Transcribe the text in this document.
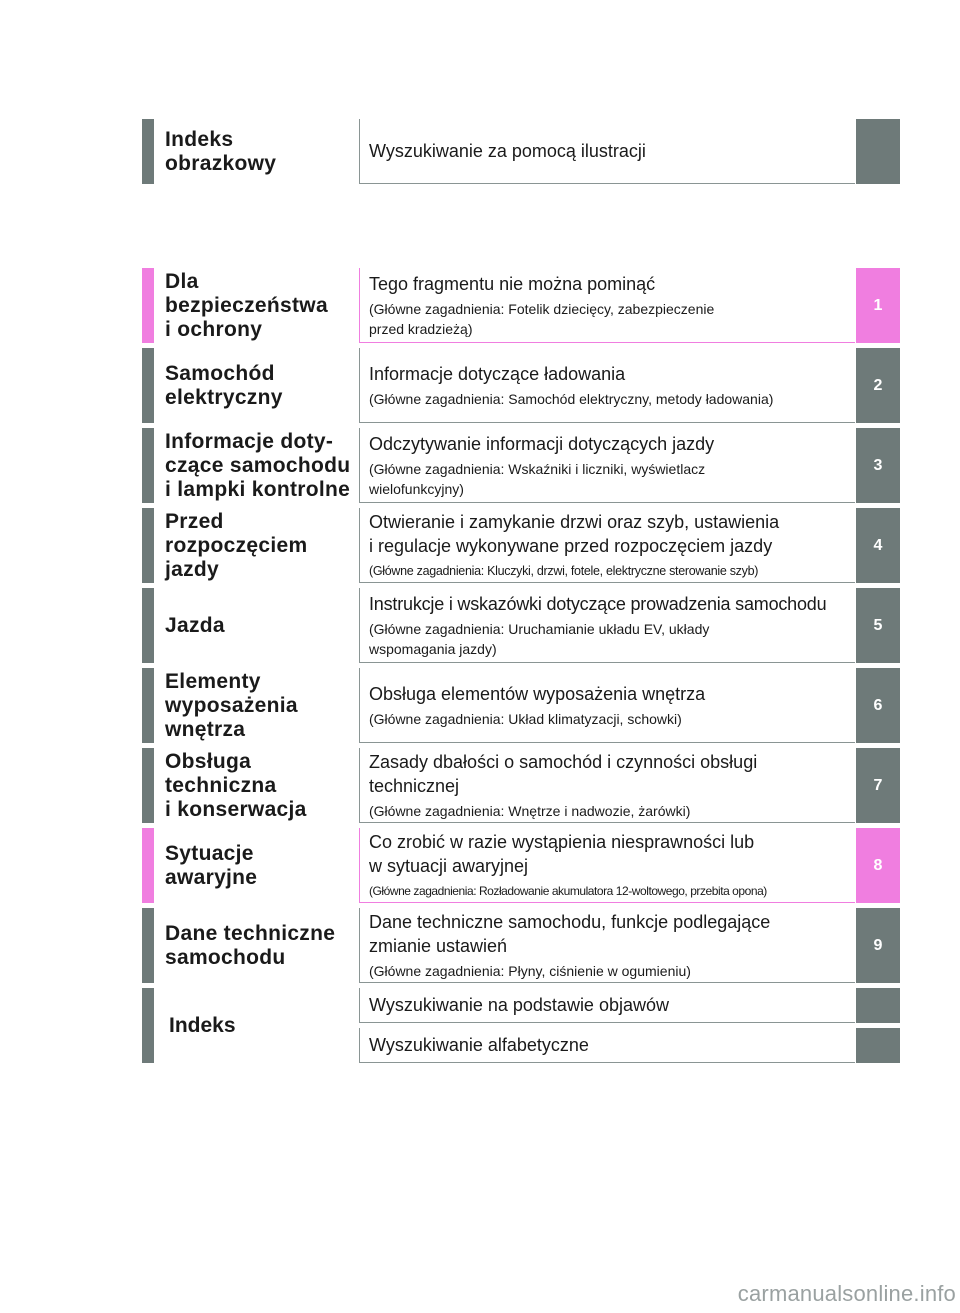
Indeks
obrazkowy
Wyszukiwanie za pomocą ilustracji
Dla
bezpieczeństwa
i ochrony
Tego fragmentu nie można pominąć
(Główne zagadnienia: Fotelik dziecięcy, zabezpieczenie
przed kradzieżą)
1
Samochód
elektryczny
Informacje dotyczące ładowania
(Główne zagadnienia: Samochód elektryczny, metody ładowania)
2
Informacje doty-
czące samochodu
i lampki kontrolne
Odczytywanie informacji dotyczących jazdy
(Główne zagadnienia: Wskaźniki i liczniki, wyświetlacz
wielofunkcyjny)
3
Przed
rozpoczęciem
jazdy
Otwieranie i zamykanie drzwi oraz szyb, ustawienia
i regulacje wykonywane przed rozpoczęciem jazdy
(Główne zagadnienia: Kluczyki, drzwi, fotele, elektryczne sterowanie szyb)
4
Jazda
Instrukcje i wskazówki dotyczące prowadzenia samochodu
(Główne zagadnienia: Uruchamianie układu EV, układy
wspomagania jazdy)
5
Elementy
wyposażenia
wnętrza
Obsługa elementów wyposażenia wnętrza
(Główne zagadnienia: Układ klimatyzacji, schowki)
6
Obsługa
techniczna
i konserwacja
Zasady dbałości o samochód i czynności obsługi
technicznej
(Główne zagadnienia: Wnętrze i nadwozie, żarówki)
7
Sytuacje
awaryjne
Co zrobić w razie wystąpienia niesprawności lub
w sytuacji awaryjnej
(Główne zagadnienia: Rozładowanie akumulatora 12-woltowego, przebita opona)
8
Dane techniczne
samochodu
Dane techniczne samochodu, funkcje podlegające
zmianie ustawień
(Główne zagadnienia: Płyny, ciśnienie w ogumieniu)
9
Indeks
Wyszukiwanie na podstawie objawów
Wyszukiwanie alfabetyczne
carmanualsonline.info
